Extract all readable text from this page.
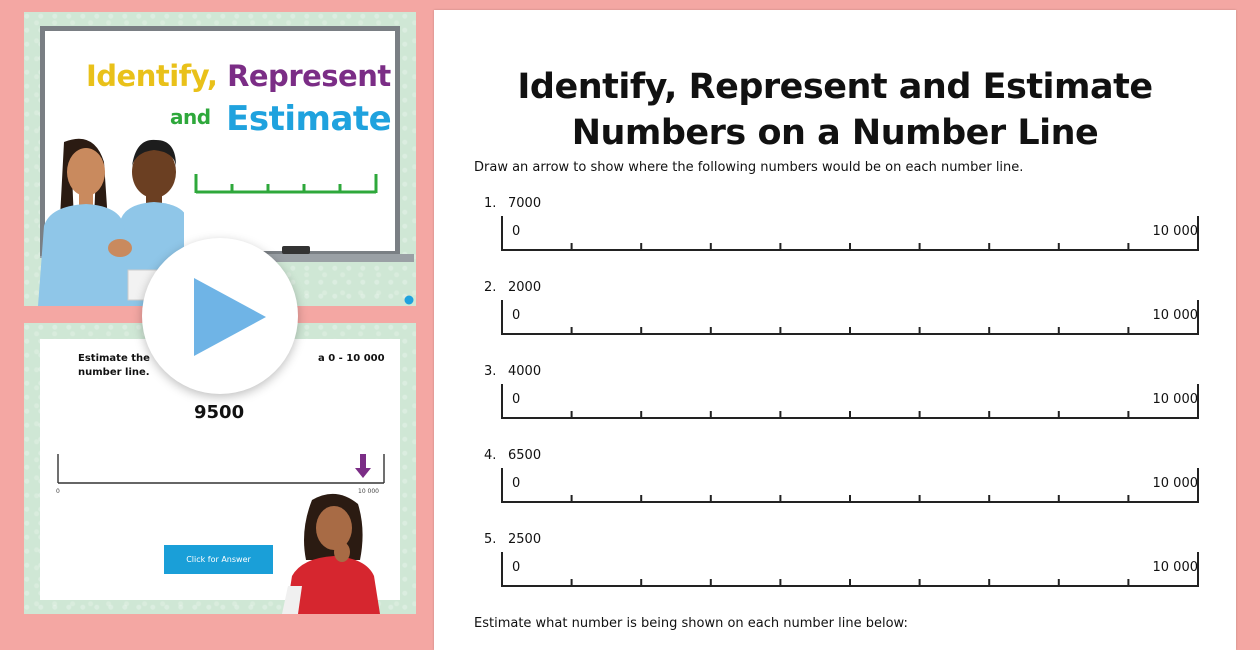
Identify, Represent
$^{and}$ Estimate
Estimate the	a 0 - 10 000
number line.
9500
0	10 000
Click for Answer
Identify, Represent and Estimate
Numbers on a Number Line
Draw an arrow to show where the following numbers would be on each number line.
1. 7000
0	10 000
2. 2000
0	10 000
3. 4000
0	10 000
4. 6500
0	10 000
5. 2500
0	10 000
Estimate what number is being shown on each number line below:
